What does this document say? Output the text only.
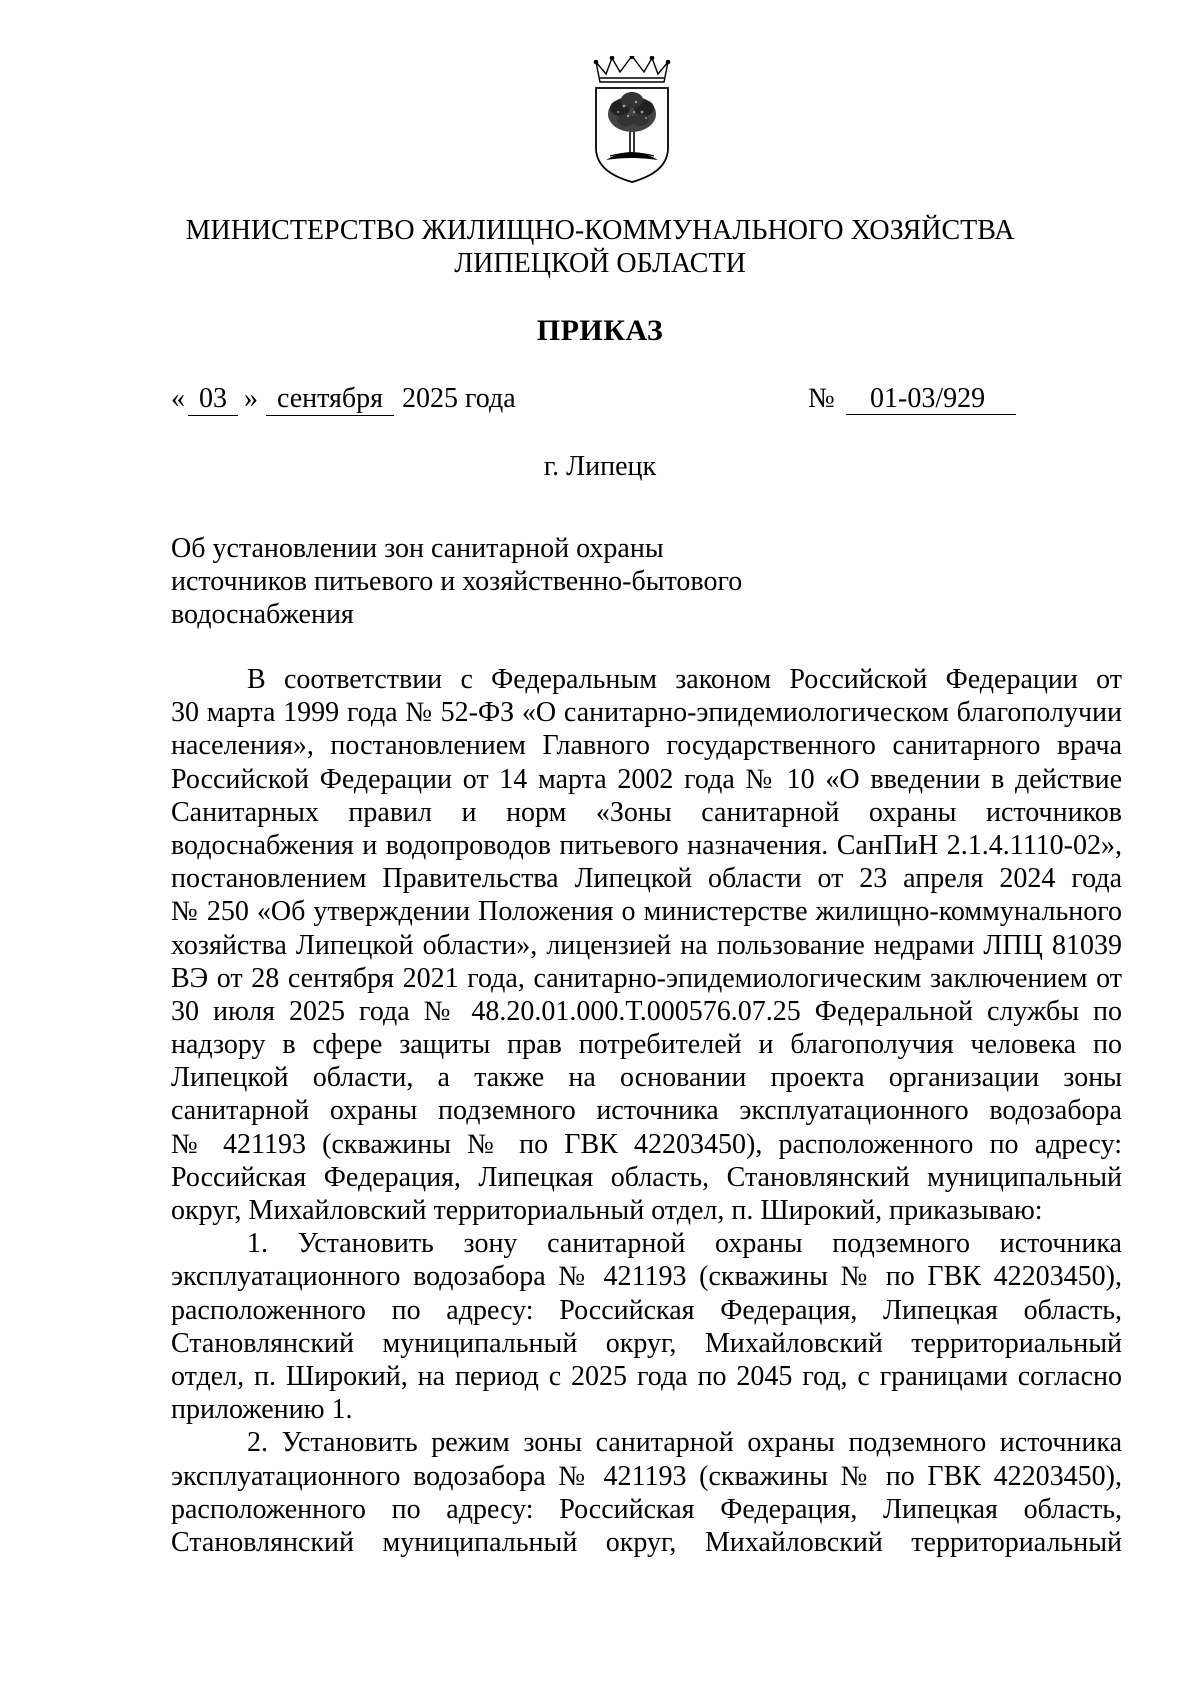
МИНИСТЕРСТВО ЖИЛИЩНО-КОММУНАЛЬНОГО ХОЗЯЙСТВА
ЛИПЕЦКОЙ ОБЛАСТИ
ПРИКАЗ
« 03 » сентября 2025 года	№	01-03/929
г. Липецк
Об установлении зон санитарной охраны
источников питьевого и хозяйственно-бытового
водоснабжения
В соответствии с Федеральным законом Российской Федерации от
30 марта 1999 года № 52-ФЗ «О санитарно-эпидемиологическом благополучии
населения», постановлением Главного государственного санитарного врача
Российской Федерации от 14 марта 2002 года № 10 «О введении в действие
Санитарных правил и норм «Зоны санитарной охраны источников
водоснабжения и водопроводов питьевого назначения. СанПиН 2.1.4.1110-02»,
постановлением Правительства Липецкой области от 23 апреля 2024 года
№ 250 «Об утверждении Положения о министерстве жилищно-коммунального
хозяйства Липецкой области», лицензией на пользование недрами ЛПЦ 81039
ВЭ от 28 сентября 2021 года, санитарно-эпидемиологическим заключением от
30 июля 2025 года № 48.20.01.000.Т.000576.07.25 Федеральной службы по
надзору в сфере защиты прав потребителей и благополучия человека по
Липецкой области, а также на основании проекта организации зоны
санитарной охраны подземного источника эксплуатационного водозабора
№ 421193 (скважины № по ГВК 42203450), расположенного по адресу:
Российская Федерация, Липецкая область, Становлянский муниципальный
округ, Михайловский территориальный отдел, п. Широкий, приказываю:
1. Установить зону санитарной охраны подземного источника
эксплуатационного водозабора № 421193 (скважины № по ГВК 42203450),
расположенного по адресу: Российская Федерация, Липецкая область,
Становлянский муниципальный округ, Михайловский территориальный
отдел, п. Широкий, на период с 2025 года по 2045 год, с границами согласно
приложению 1.
2. Установить режим зоны санитарной охраны подземного источника
эксплуатационного водозабора № 421193 (скважины № по ГВК 42203450),
расположенного по адресу: Российская Федерация, Липецкая область,
Становлянский муниципальный округ, Михайловский территориальный
